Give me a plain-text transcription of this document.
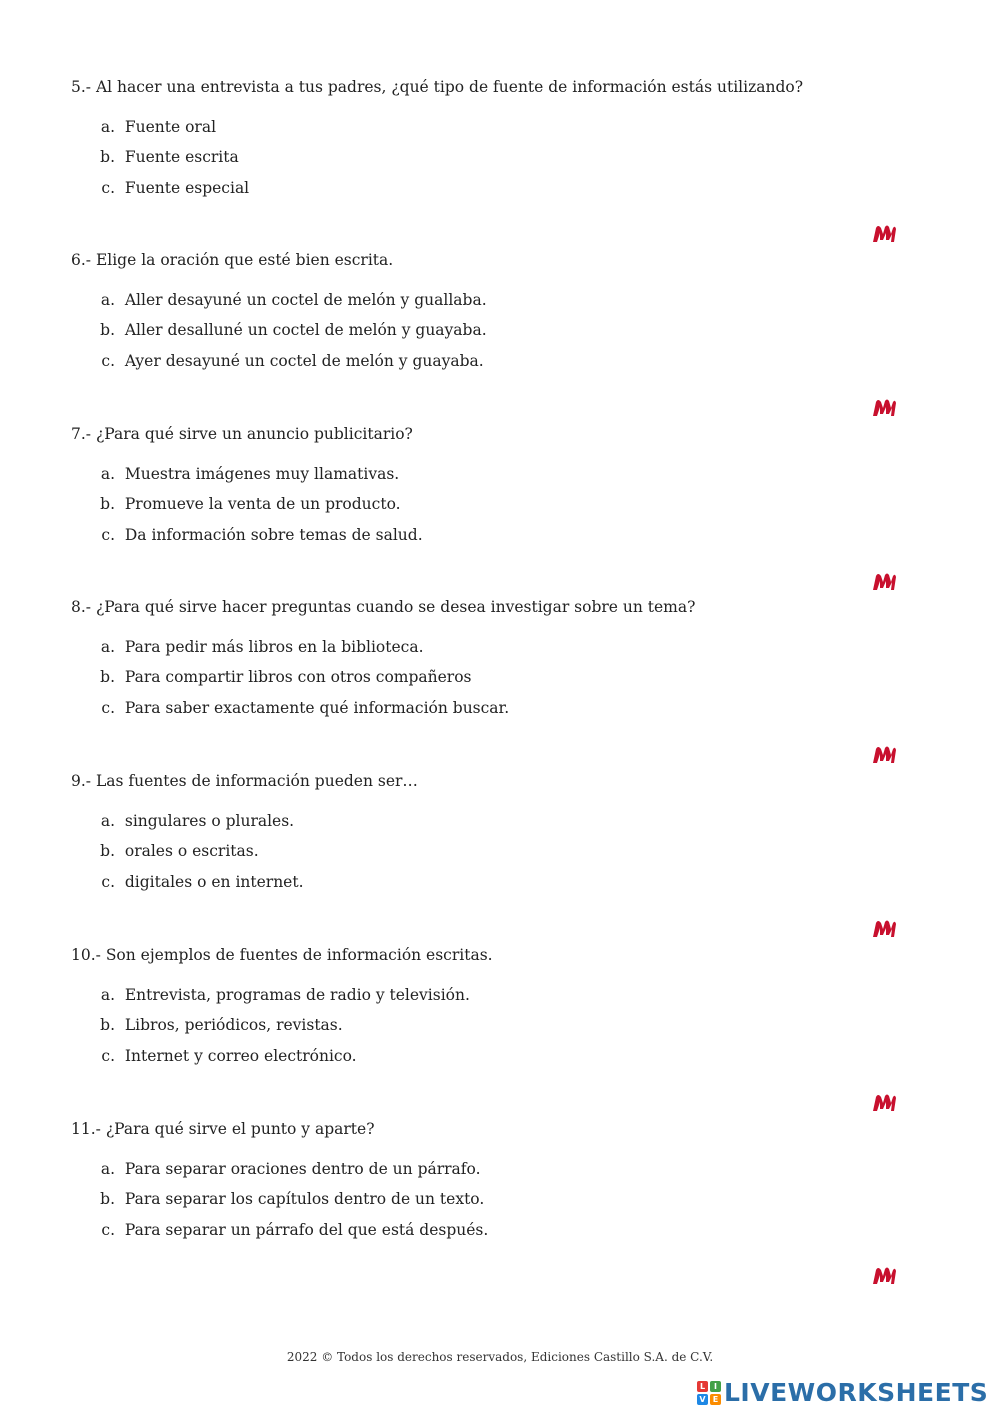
5.- Al hacer una entrevista a tus padres, ¿qué tipo de fuente de información estás utilizando?
a. Fuente oral
b. Fuente escrita
c. Fuente especial
6.- Elige la oración que esté bien escrita.
a. Aller desayuné un coctel de melón y guallaba.
b. Aller desalluné un coctel de melón y guayaba.
c. Ayer desayuné un coctel de melón y guayaba.
7.- ¿Para qué sirve un anuncio publicitario?
a. Muestra imágenes muy llamativas.
b. Promueve la venta de un producto.
c. Da información sobre temas de salud.
8.- ¿Para qué sirve hacer preguntas cuando se desea investigar sobre un tema?
a. Para pedir más libros en la biblioteca.
b. Para compartir libros con otros compañeros
c. Para saber exactamente qué información buscar.
9.- Las fuentes de información pueden ser…
a. singulares o plurales.
b. orales o escritas.
c. digitales o en internet.
10.- Son ejemplos de fuentes de información escritas.
a. Entrevista, programas de radio y televisión.
b. Libros, periódicos, revistas.
c. Internet y correo electrónico.
11.- ¿Para qué sirve el punto y aparte?
a. Para separar oraciones dentro de un párrafo.
b. Para separar los capítulos dentro de un texto.
c. Para separar un párrafo del que está después.
2022 © Todos los derechos reservados, Ediciones Castillo S.A. de C.V.
L	I
V E LIVEWORKSHEETS
